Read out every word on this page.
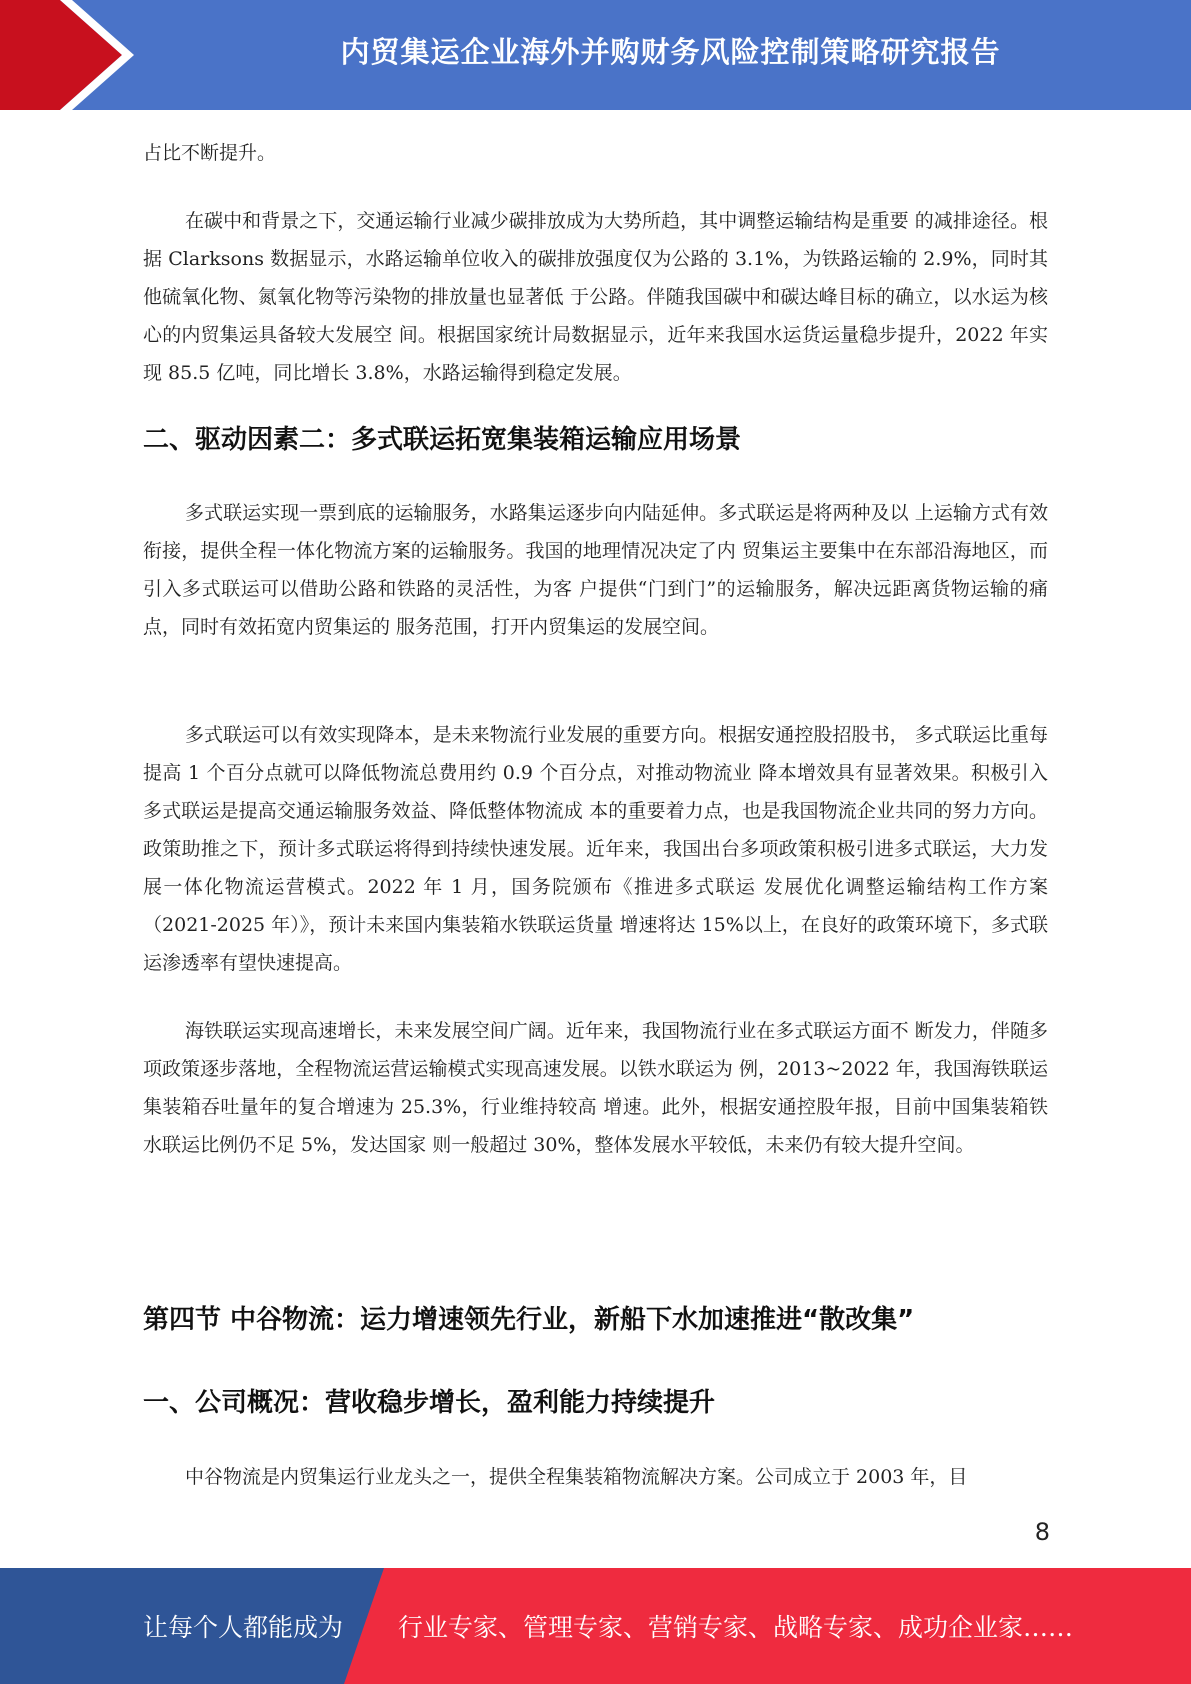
内贸集运企业海外并购财务风险控制策略研究报告

占比不断提升。

在碳中和背景之下，交通运输行业减少碳排放成为大势所趋，其中调整运输结构是重要 的减排途径。根据 Clarksons 数据显示，水路运输单位收入的碳排放强度仅为公路的 3.1%，为铁路运输的 2.9%，同时其他硫氧化物、氮氧化物等污染物的排放量也显著低 于公路。伴随我国碳中和碳达峰目标的确立，以水运为核心的内贸集运具备较大发展空 间。根据国家统计局数据显示，近年来我国水运货运量稳步提升，2022 年实现 85.5 亿吨，同比增长 3.8%，水路运输得到稳定发展。

二、驱动因素二：多式联运拓宽集装箱运输应用场景

多式联运实现一票到底的运输服务，水路集运逐步向内陆延伸。多式联运是将两种及以 上运输方式有效衔接，提供全程一体化物流方案的运输服务。我国的地理情况决定了内 贸集运主要集中在东部沿海地区，而引入多式联运可以借助公路和铁路的灵活性，为客 户提供“门到门”的运输服务，解决远距离货物运输的痛点，同时有效拓宽内贸集运的 服务范围，打开内贸集运的发展空间。

多式联运可以有效实现降本，是未来物流行业发展的重要方向。根据安通控股招股书， 多式联运比重每提高 1 个百分点就可以降低物流总费用约 0.9 个百分点，对推动物流业 降本增效具有显著效果。积极引入多式联运是提高交通运输服务效益、降低整体物流成 本的重要着力点，也是我国物流企业共同的努力方向。 政策助推之下，预计多式联运将得到持续快速发展。近年来，我国出台多项政策积极引进多式联运，大力发展一体化物流运营模式。2022 年 1 月，国务院颁布《推进多式联运 发展优化调整运输结构工作方案（2021-2025 年）》，预计未来国内集装箱水铁联运货量 增速将达 15%以上，在良好的政策环境下，多式联运渗透率有望快速提高。

海铁联运实现高速增长，未来发展空间广阔。近年来，我国物流行业在多式联运方面不 断发力，伴随多项政策逐步落地，全程物流运营运输模式实现高速发展。以铁水联运为 例，2013~2022 年，我国海铁联运集装箱吞吐量年的复合增速为 25.3%，行业维持较高 增速。此外，根据安通控股年报，目前中国集装箱铁水联运比例仍不足 5%，发达国家 则一般超过 30%，整体发展水平较低，未来仍有较大提升空间。

第四节 中谷物流：运力增速领先行业，新船下水加速推进“散改集”
一、公司概况：营收稳步增长，盈利能力持续提升

中谷物流是内贸集运行业龙头之一，提供全程集装箱物流解决方案。公司成立于 2003 年，目

8
让每个人都能成为 行业专家、管理专家、营销专家、战略专家、成功企业家……
